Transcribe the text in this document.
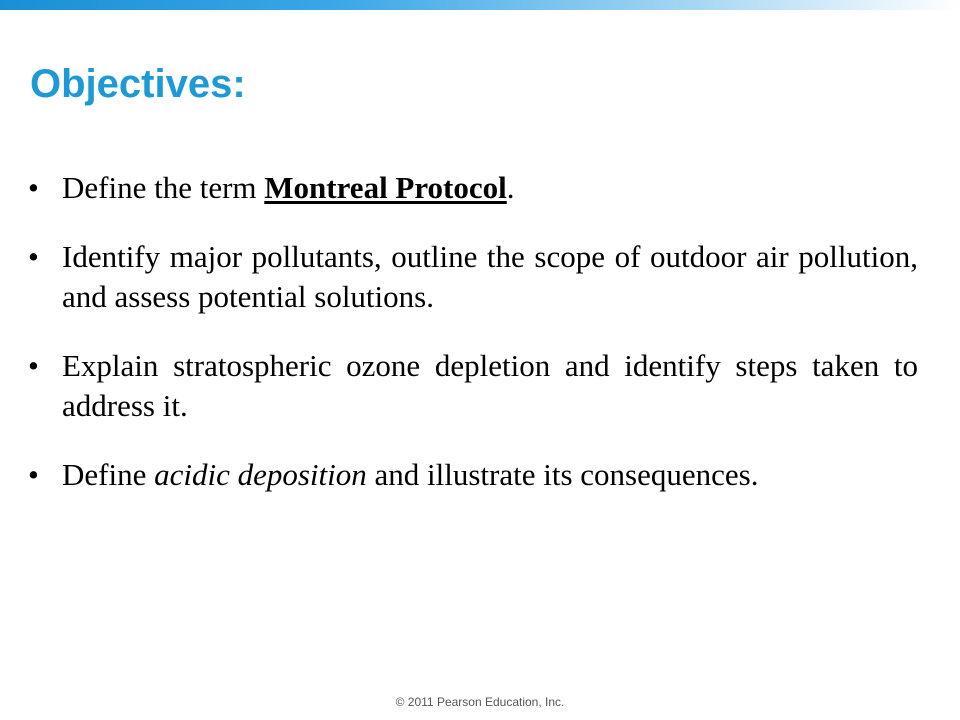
Objectives:
• Define the term Montreal Protocol.
• Identify major pollutants, outline the scope of outdoor air pollution, and assess potential solutions.
• Explain stratospheric ozone depletion and identify steps taken to address it.
• Define acidic deposition and illustrate its consequences.
© 2011 Pearson Education, Inc.
